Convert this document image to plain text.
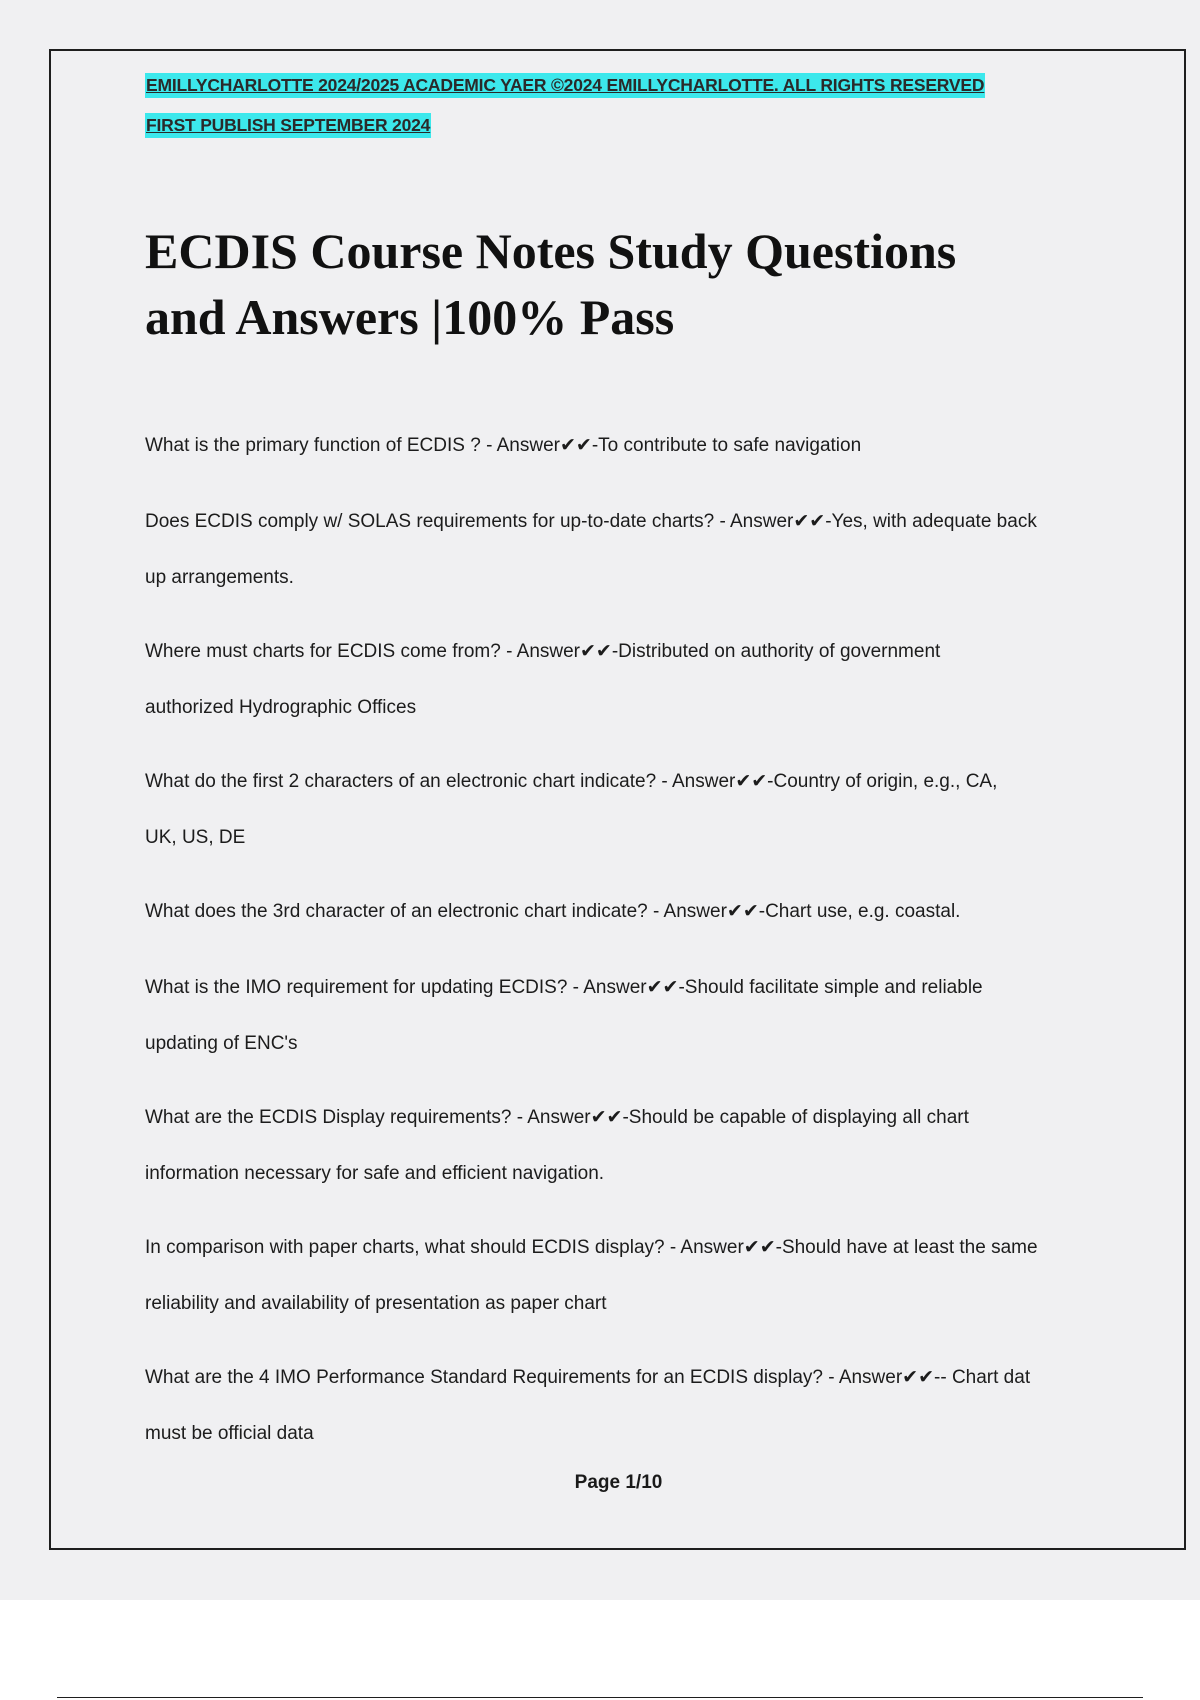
EMILLYCHARLOTTE 2024/2025 ACADEMIC YAER ©2024 EMILLYCHARLOTTE. ALL RIGHTS RESERVED
FIRST PUBLISH SEPTEMBER 2024
ECDIS Course Notes Study Questions
and Answers |100% Pass

What is the primary function of ECDIS ? - Answer✔✔-To contribute to safe navigation

Does ECDIS comply w/ SOLAS requirements for up-to-date charts? - Answer✔✔-Yes, with adequate back
up arrangements.

Where must charts for ECDIS come from? - Answer✔✔-Distributed on authority of government
authorized Hydrographic Offices

What do the first 2 characters of an electronic chart indicate? - Answer✔✔-Country of origin, e.g., CA,
UK, US, DE

What does the 3rd character of an electronic chart indicate? - Answer✔✔-Chart use, e.g. coastal.

What is the IMO requirement for updating ECDIS? - Answer✔✔-Should facilitate simple and reliable
updating of ENC's

What are the ECDIS Display requirements? - Answer✔✔-Should be capable of displaying all chart
information necessary for safe and efficient navigation.

In comparison with paper charts, what should ECDIS display? - Answer✔✔-Should have at least the same
reliability and availability of presentation as paper chart

What are the 4 IMO Performance Standard Requirements for an ECDIS display? - Answer✔✔-- Chart dat
must be official data

Page 1/10
